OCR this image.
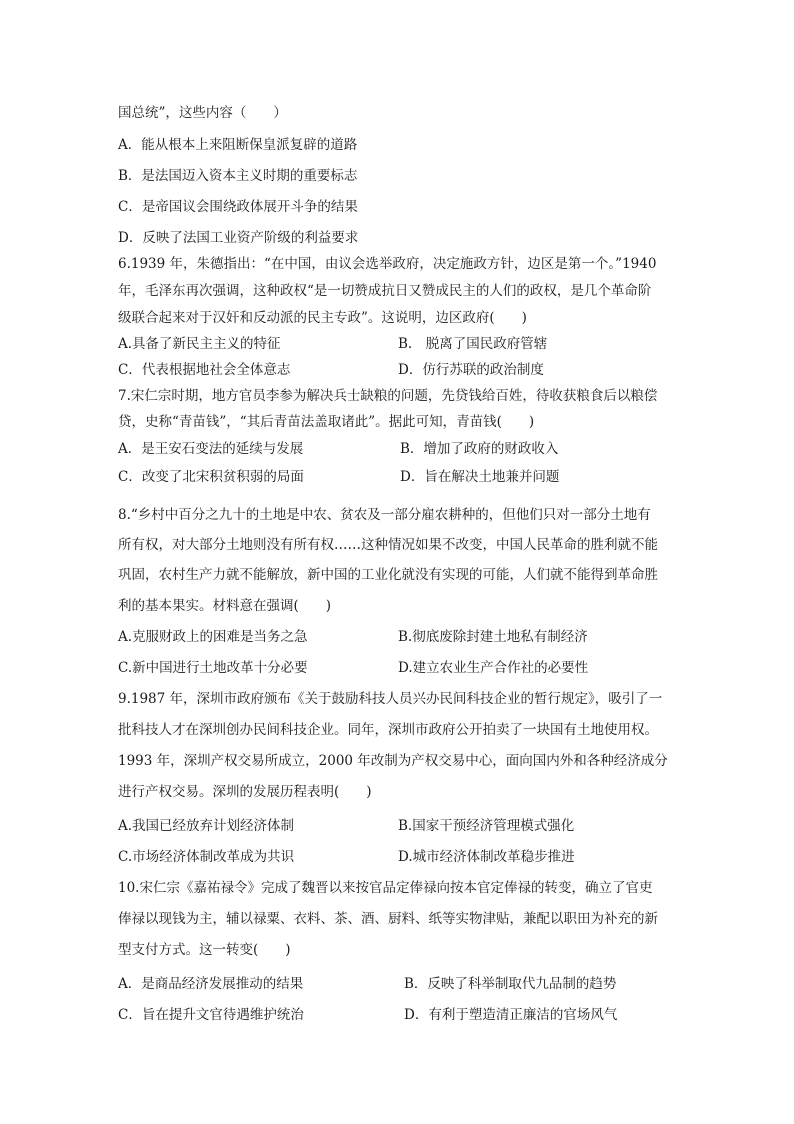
国总统”，这些内容（　　）
A．能从根本上来阻断保皇派复辟的道路
B．是法国迈入资本主义时期的重要标志
C．是帝国议会围绕政体展开斗争的结果
D．反映了法国工业资产阶级的利益要求
6.1939 年，朱德指出：“在中国，由议会选举政府，决定施政方针，边区是第一个。”1940
年，毛泽东再次强调，这种政权“是一切赞成抗日又赞成民主的人们的政权，是几个革命阶
级联合起来对于汉奸和反动派的民主专政”。这说明，边区政府(　　)
A.具备了新民主主义的特征	B.　脱离了国民政府管辖
C．代表根据地社会全体意志	D．仿行苏联的政治制度
7.宋仁宗时期，地方官员李参为解决兵士缺粮的问题，先贷钱给百姓，待收获粮食后以粮偿
贷，史称“青苗钱”，“其后青苗法盖取诸此”。据此可知，青苗钱(　　)
A．是王安石变法的延续与发展	B．增加了政府的财政收入
C．改变了北宋积贫积弱的局面	D．旨在解决土地兼并问题
8.“乡村中百分之九十的土地是中农、贫农及一部分雇农耕种的，但他们只对一部分土地有
所有权，对大部分土地则没有所有权……这种情况如果不改变，中国人民革命的胜利就不能
巩固，农村生产力就不能解放，新中国的工业化就没有实现的可能，人们就不能得到革命胜
利的基本果实。材料意在强调(　　)
A.克服财政上的困难是当务之急	B.彻底废除封建土地私有制经济
C.新中国进行土地改革十分必要	D.建立农业生产合作社的必要性
9.1987 年，深圳市政府颁布《关于鼓励科技人员兴办民间科技企业的暂行规定》，吸引了一
批科技人才在深圳创办民间科技企业。同年，深圳市政府公开拍卖了一块国有土地使用权。
1993 年，深圳产权交易所成立，2000 年改制为产权交易中心，面向国内外和各种经济成分
进行产权交易。深圳的发展历程表明(　　)
A.我国已经放弃计划经济体制	B.国家干预经济管理模式强化
C.市场经济体制改革成为共识	D.城市经济体制改革稳步推进
10.宋仁宗《嘉祐禄令》完成了魏晋以来按官品定俸禄向按本官定俸禄的转变，确立了官吏
俸禄以现钱为主，辅以禄粟、衣料、茶、酒、厨料、纸等实物津贴，兼配以职田为补充的新
型支付方式。这一转变(　　)
A．是商品经济发展推动的结果	B．反映了科举制取代九品制的趋势
C．旨在提升文官待遇维护统治	D．有利于塑造清正廉洁的官场风气
